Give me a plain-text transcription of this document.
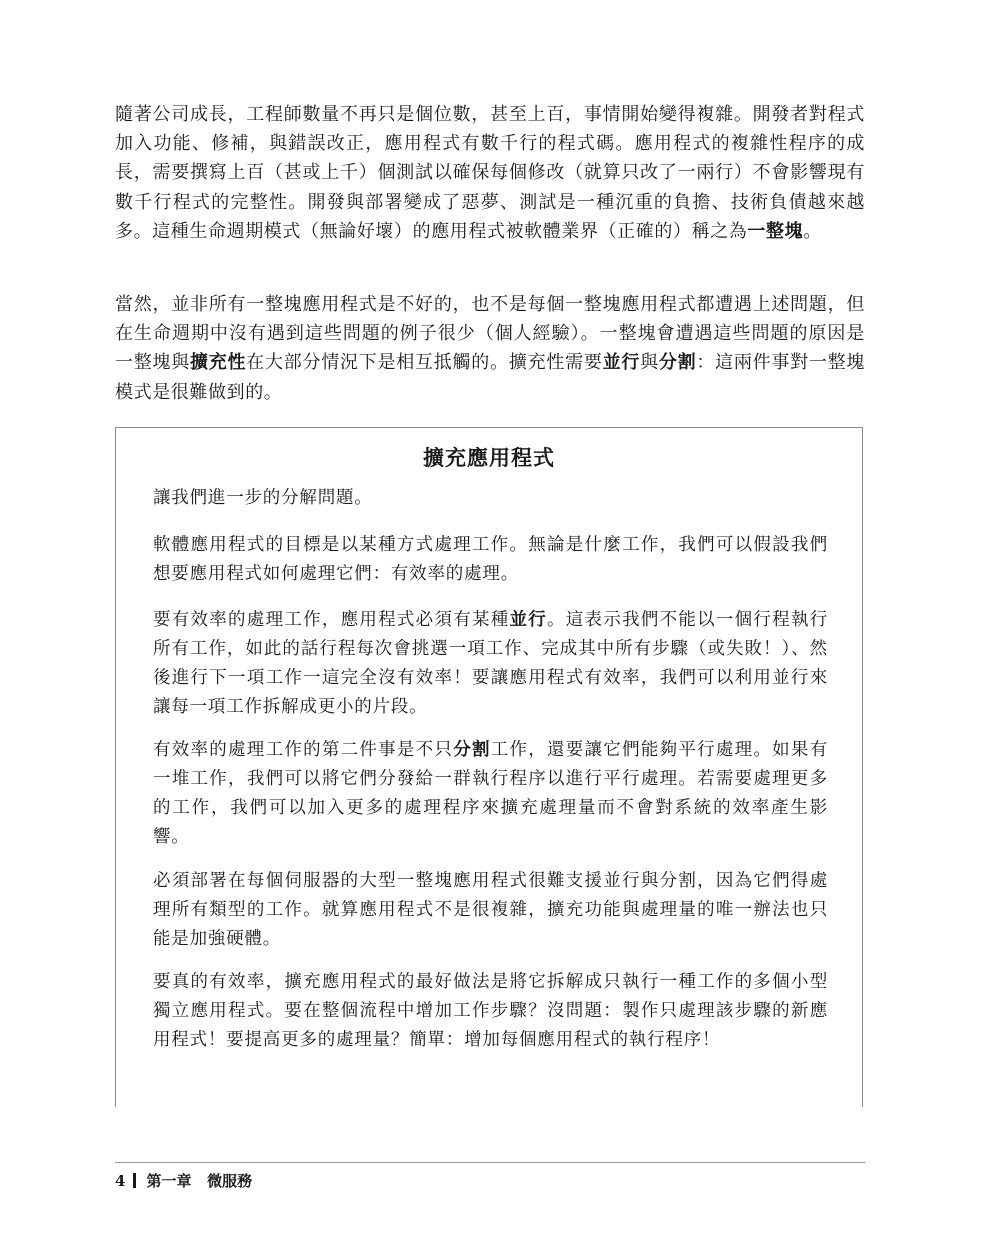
隨著公司成長，工程師數量不再只是個位數，甚至上百，事情開始變得複雜。開發者對程式加入功能、修補，與錯誤改正，應用程式有數千行的程式碼。應用程式的複雜性程序的成長，需要撰寫上百（甚或上千）個測試以確保每個修改（就算只改了一兩行）不會影響現有數千行程式的完整性。開發與部署變成了惡夢、測試是一種沉重的負擔、技術負債越來越多。這種生命週期模式（無論好壞）的應用程式被軟體業界（正確的）稱之為一整塊。

當然，並非所有一整塊應用程式是不好的，也不是每個一整塊應用程式都遭遇上述問題，但在生命週期中沒有遇到這些問題的例子很少（個人經驗）。一整塊會遭遇這些問題的原因是一整塊與擴充性在大部分情況下是相互抵觸的。擴充性需要並行與分割：這兩件事對一整塊模式是很難做到的。

擴充應用程式

讓我們進一步的分解問題。

軟體應用程式的目標是以某種方式處理工作。無論是什麼工作，我們可以假設我們想要應用程式如何處理它們：有效率的處理。

要有效率的處理工作，應用程式必須有某種並行。這表示我們不能以一個行程執行所有工作，如此的話行程每次會挑選一項工作、完成其中所有步驟（或失敗！）、然後進行下一項工作一這完全沒有效率！要讓應用程式有效率，我們可以利用並行來讓每一項工作拆解成更小的片段。

有效率的處理工作的第二件事是不只分割工作，還要讓它們能夠平行處理。如果有一堆工作，我們可以將它們分發給一群執行程序以進行平行處理。若需要處理更多的工作，我們可以加入更多的處理程序來擴充處理量而不會對系統的效率產生影響。

必須部署在每個伺服器的大型一整塊應用程式很難支援並行與分割，因為它們得處理所有類型的工作。就算應用程式不是很複雜，擴充功能與處理量的唯一辦法也只能是加強硬體。

要真的有效率，擴充應用程式的最好做法是將它拆解成只執行一種工作的多個小型獨立應用程式。要在整個流程中增加工作步驟？沒問題：製作只處理該步驟的新應用程式！要提高更多的處理量？簡單：增加每個應用程式的執行程序！

4 第一章 微服務
